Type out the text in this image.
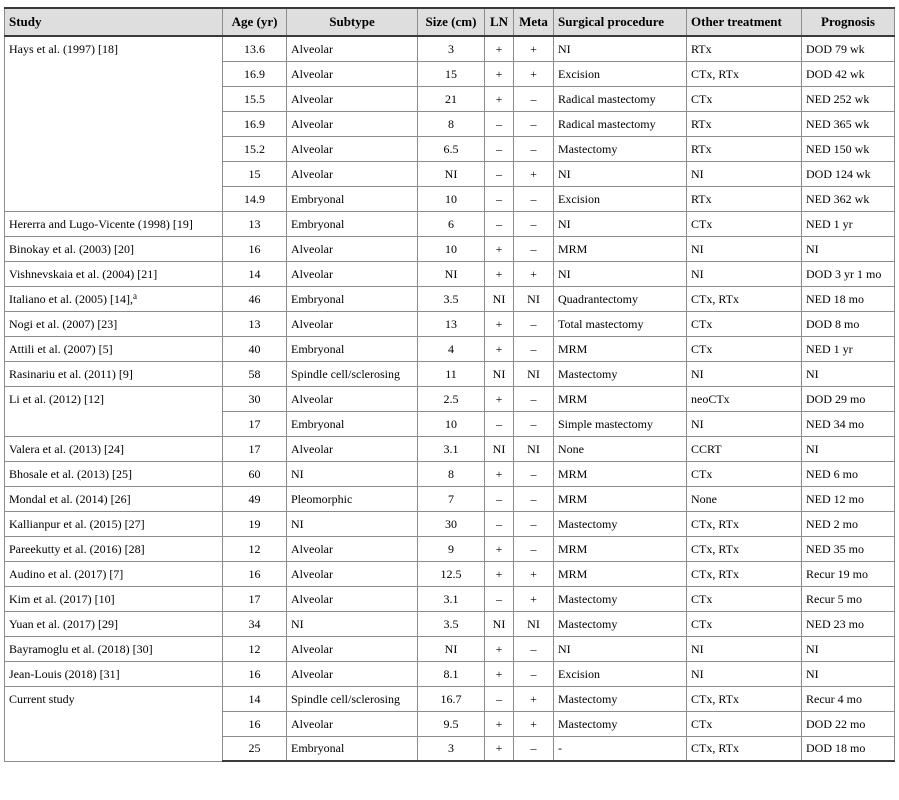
Study	Age (yr)	Subtype	Size (cm)	LN	Meta	Surgical procedure	Other treatment	Prognosis
Hays et al. (1997) [18]	13.6	Alveolar	3	+	+	NI	RTx	DOD 79 wk
	16.9	Alveolar	15	+	+	Excision	CTx, RTx	DOD 42 wk
	15.5	Alveolar	21	+	–	Radical mastectomy	CTx	NED 252 wk
	16.9	Alveolar	8	–	–	Radical mastectomy	RTx	NED 365 wk
	15.2	Alveolar	6.5	–	–	Mastectomy	RTx	NED 150 wk
	15	Alveolar	NI	–	+	NI	NI	DOD 124 wk
	14.9	Embryonal	10	–	–	Excision	RTx	NED 362 wk
Hererra and Lugo-Vicente (1998) [19]	13	Embryonal	6	–	–	NI	CTx	NED 1 yr
Binokay et al. (2003) [20]	16	Alveolar	10	+	–	MRM	NI	NI
Vishnevskaia et al. (2004) [21]	14	Alveolar	NI	+	+	NI	NI	DOD 3 yr 1 mo
Italiano et al. (2005) [14],$^a$	46	Embryonal	3.5	NI	NI	Quadrantectomy	CTx, RTx	NED 18 mo
Nogi et al. (2007) [23]	13	Alveolar	13	+	–	Total mastectomy	CTx	DOD 8 mo
Attili et al. (2007) [5]	40	Embryonal	4	+	–	MRM	CTx	NED 1 yr
Rasinariu et al. (2011) [9]	58	Spindle cell/sclerosing	11	NI	NI	Mastectomy	NI	NI
Li et al. (2012) [12]	30	Alveolar	2.5	+	–	MRM	neoCTx	DOD 29 mo
	17	Embryonal	10	–	–	Simple mastectomy	NI	NED 34 mo
Valera et al. (2013) [24]	17	Alveolar	3.1	NI	NI	None	CCRT	NI
Bhosale et al. (2013) [25]	60	NI	8	+	–	MRM	CTx	NED 6 mo
Mondal et al. (2014) [26]	49	Pleomorphic	7	–	–	MRM	None	NED 12 mo
Kallianpur et al. (2015) [27]	19	NI	30	–	–	Mastectomy	CTx, RTx	NED 2 mo
Pareekutty et al. (2016) [28]	12	Alveolar	9	+	–	MRM	CTx, RTx	NED 35 mo
Audino et al. (2017) [7]	16	Alveolar	12.5	+	+	MRM	CTx, RTx	Recur 19 mo
Kim et al. (2017) [10]	17	Alveolar	3.1	–	+	Mastectomy	CTx	Recur 5 mo
Yuan et al. (2017) [29]	34	NI	3.5	NI	NI	Mastectomy	CTx	NED 23 mo
Bayramoglu et al. (2018) [30]	12	Alveolar	NI	+	–	NI	NI	NI
Jean-Louis (2018) [31]	16	Alveolar	8.1	+	–	Excision	NI	NI
Current study	14	Spindle cell/sclerosing	16.7	–	+	Mastectomy	CTx, RTx	Recur 4 mo
	16	Alveolar	9.5	+	+	Mastectomy	CTx	DOD 22 mo
	25	Embryonal	3	+	–	-	CTx, RTx	DOD 18 mo
